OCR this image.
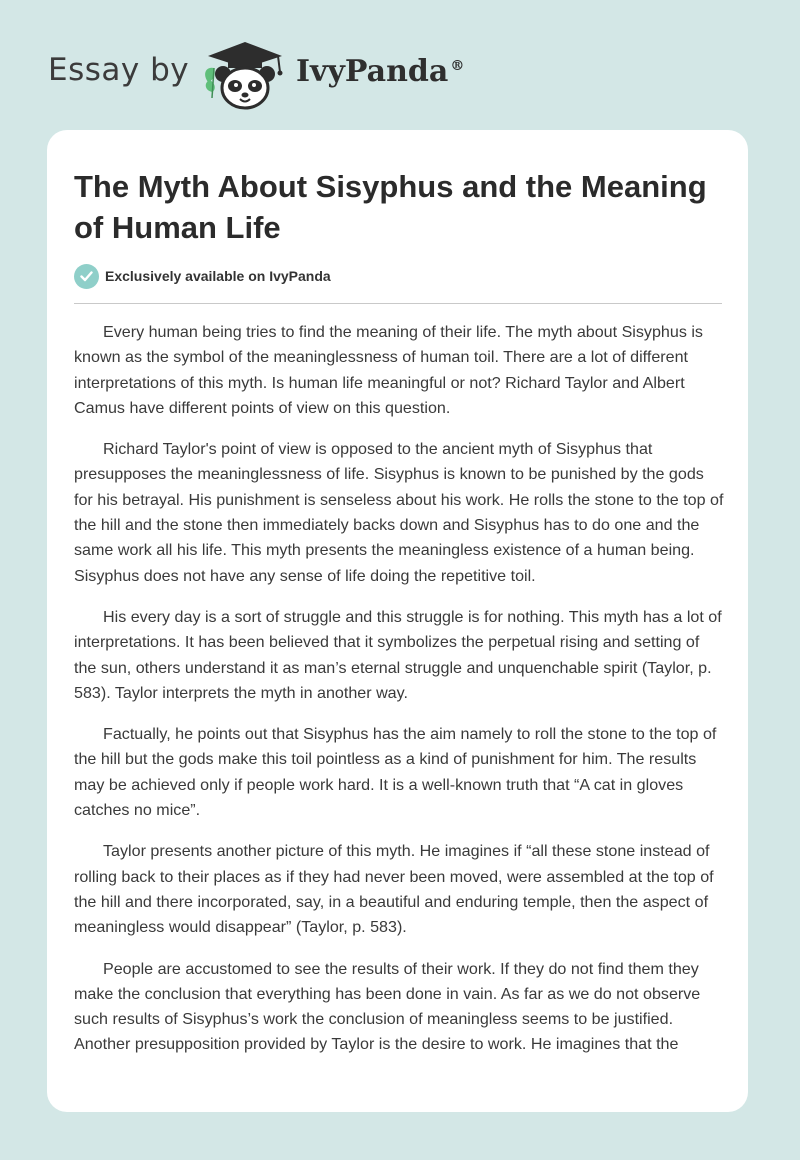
Essay by	IvyPanda ®
The Myth About Sisyphus and the Meaning of Human Life
Exclusively available on IvyPanda

Every human being tries to find the meaning of their life. The myth about Sisyphus is known as the symbol of the meaninglessness of human toil. There are a lot of different interpretations of this myth. Is human life meaningful or not? Richard Taylor and Albert Camus have different points of view on this question.

Richard Taylor's point of view is opposed to the ancient myth of Sisyphus that presupposes the meaninglessness of life. Sisyphus is known to be punished by the gods for his betrayal. His punishment is senseless about his work. He rolls the stone to the top of the hill and the stone then immediately backs down and Sisyphus has to do one and the same work all his life. This myth presents the meaningless existence of a human being. Sisyphus does not have any sense of life doing the repetitive toil.

His every day is a sort of struggle and this struggle is for nothing. This myth has a lot of interpretations. It has been believed that it symbolizes the perpetual rising and setting of the sun, others understand it as man’s eternal struggle and unquenchable spirit (Taylor, p. 583). Taylor interprets the myth in another way.

Factually, he points out that Sisyphus has the aim namely to roll the stone to the top of the hill but the gods make this toil pointless as a kind of punishment for him. The results may be achieved only if people work hard. It is a well-known truth that “A cat in gloves catches no mice”.

Taylor presents another picture of this myth. He imagines if “all these stone instead of rolling back to their places as if they had never been moved, were assembled at the top of the hill and there incorporated, say, in a beautiful and enduring temple, then the aspect of meaningless would disappear” (Taylor, p. 583).

People are accustomed to see the results of their work. If they do not find them they make the conclusion that everything has been done in vain. As far as we do not observe such results of Sisyphus’s work the conclusion of meaningless seems to be justified. Another presupposition provided by Taylor is the desire to work. He imagines that the
